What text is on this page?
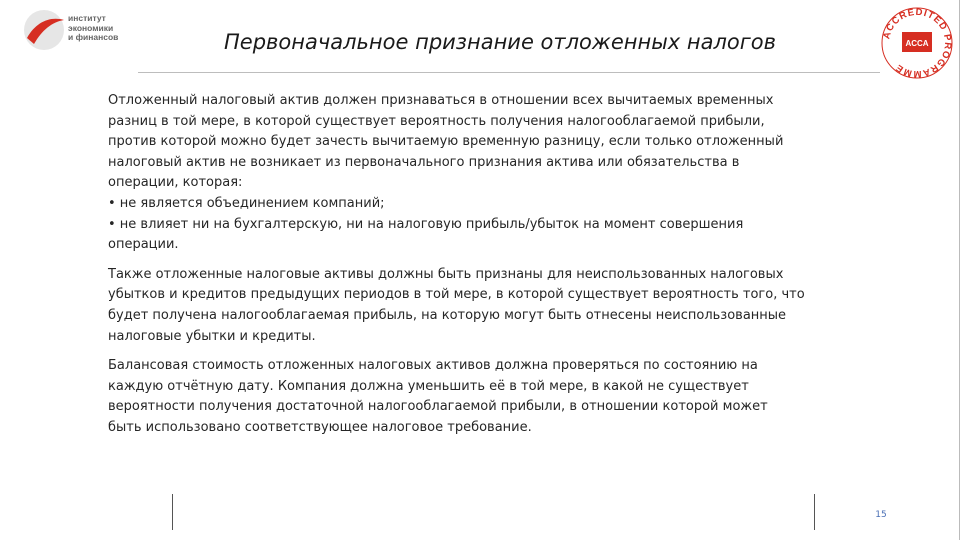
институт
экономики
и финансов	Первоначальное признание отложенных налогов	ACCREDITED PROGRAMME
ACCA

Отложенный налоговый актив должен признаваться в отношении всех вычитаемых временных
разниц в той мере, в которой существует вероятность получения налогооблагаемой прибыли,
против которой можно будет зачесть вычитаемую временную разницу, если только отложенный
налоговый актив не возникает из первоначального признания актива или обязательства в
операции, которая:
• не является объединением компаний;
• не влияет ни на бухгалтерскую, ни на налоговую прибыль/убыток на момент совершения
операции.

Также отложенные налоговые активы должны быть признаны для неиспользованных налоговых
убытков и кредитов предыдущих периодов в той мере, в которой существует вероятность того, что
будет получена налогооблагаемая прибыль, на которую могут быть отнесены неиспользованные
налоговые убытки и кредиты.

Балансовая стоимость отложенных налоговых активов должна проверяться по состоянию на
каждую отчётную дату. Компания должна уменьшить её в той мере, в какой не существует
вероятности получения достаточной налогооблагаемой прибыли, в отношении которой может
быть использовано соответствующее налоговое требование.

15
